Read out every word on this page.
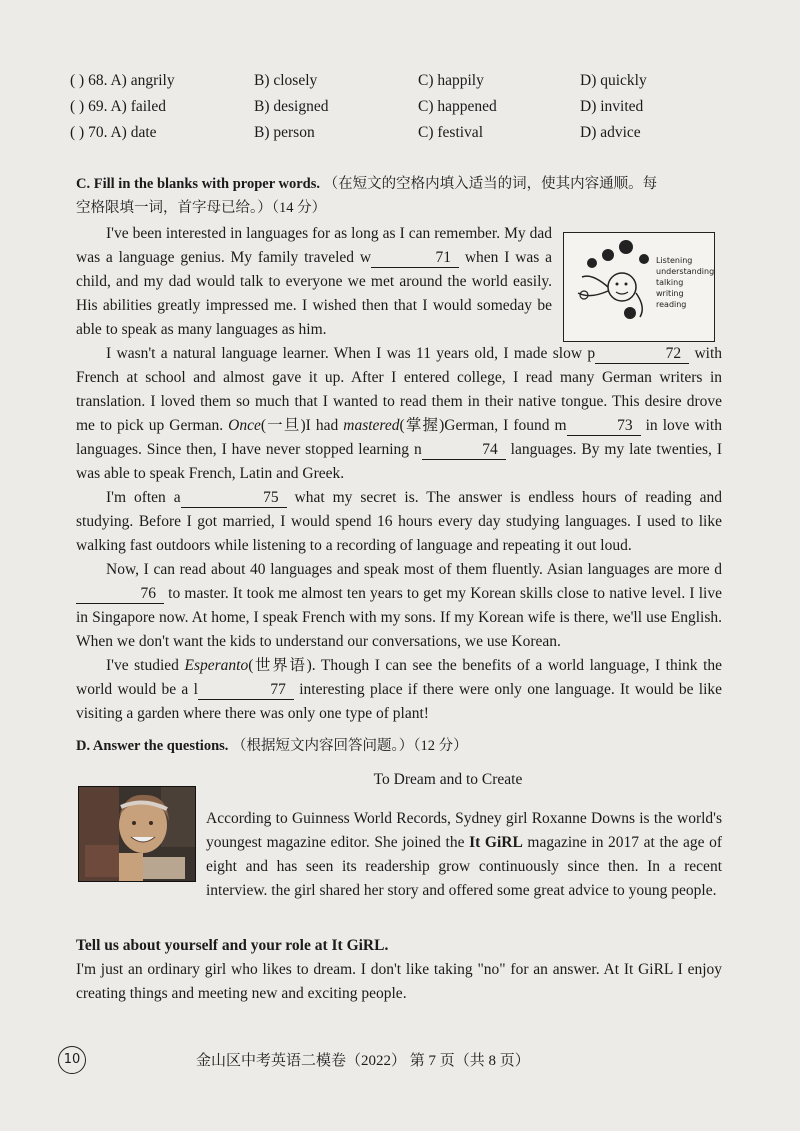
( ) 68. A) angrily	B) closely	C) happily	D) quickly
( ) 69. A) failed	B) designed	C) happened	D) invited
( ) 70. A) date	B) person	C) festival	D) advice
C. Fill in the blanks with proper words. （在短文的空格内填入适当的词，使其内容通顺。每
空格限填一词，首字母已给。）（14 分）
Listening
understanding
talking
writing
reading
I've been interested in languages for as long as I can remember. My dad was a language genius. My family traveled w	71 when I was a child, and my dad would talk to everyone we met around the world easily. His abilities greatly impressed me. I wished then that I would someday be able to speak as many languages as him.
I wasn't a natural language learner. When I was 11 years old, I made slow p	72 with French at school and almost gave it up. After I entered college, I read many German writers in translation. I loved them so much that I wanted to read them in their native tongue. This desire drove me to pick up German. Once(一旦)I had mastered(掌握)German, I found m	73 in love with languages. Since then, I have never stopped learning n	74 languages. By my late twenties, I was able to speak French, Latin and Greek.
I'm often a	75 what my secret is. The answer is endless hours of reading and studying. Before I got married, I would spend 16 hours every day studying languages. I used to like walking fast outdoors while listening to a recording of language and repeating it out loud.
Now, I can read about 40 languages and speak most of them fluently. Asian languages are more d76 to master. It took me almost ten years to get my Korean skills close to native level. I live in Singapore now. At home, I speak French with my sons. If my Korean wife is there, we'll use English. When we don't want the kids to understand our conversations, we use Korean.
I've studied Esperanto(世界语). Though I can see the benefits of a world language, I think the world would be a l	77 interesting place if there were only one language. It would be like visiting a garden where there was only one type of plant!
D. Answer the questions. （根据短文内容回答问题。）（12 分）
To Dream and to Create
According to Guinness World Records, Sydney girl Roxanne Downs is the world's youngest magazine editor. She joined the It GiRL magazine in 2017 at the age of eight and has seen its readership grow continuously since then. In a recent interview. the girl shared her story and offered some great advice to young people.
Tell us about yourself and your role at It GiRL.
I'm just an ordinary girl who likes to dream. I don't like taking "no" for an answer. At It GiRL I enjoy creating things and meeting new and exciting people.
10	金山区中考英语二模卷（2022） 第 7 页（共 8 页）
